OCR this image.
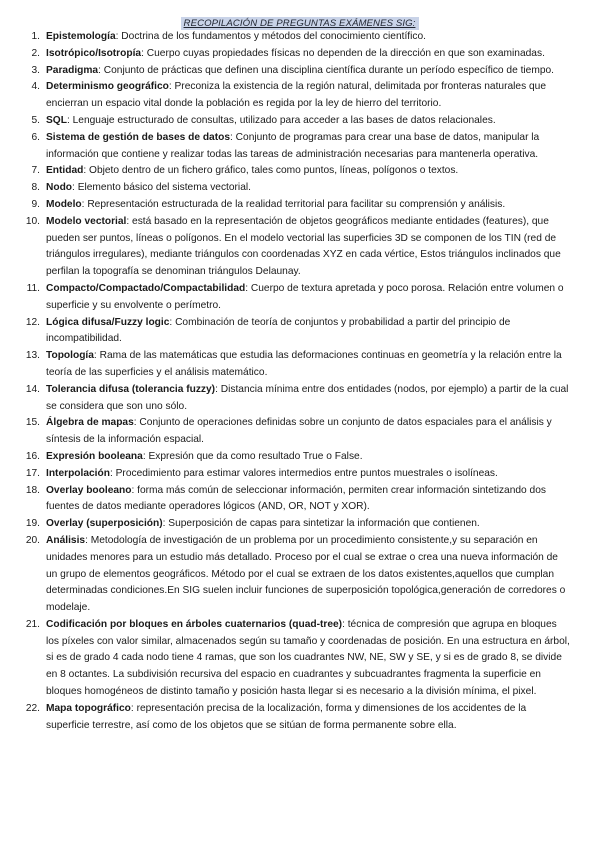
RECOPILACIÓN DE PREGUNTAS EXÁMENES SIG:
1. Epistemología: Doctrina de los fundamentos y métodos del conocimiento científico.
2. Isotrópico/Isotropía: Cuerpo cuyas propiedades físicas no dependen de la dirección en que son examinadas.
3. Paradigma: Conjunto de prácticas que definen una disciplina científica durante un período específico de tiempo.
4. Determinismo geográfico: Preconiza la existencia de la región natural, delimitada por fronteras naturales que encierran un espacio vital donde la población es regida por la ley de hierro del territorio.
5. SQL: Lenguaje estructurado de consultas, utilizado para acceder a las bases de datos relacionales.
6. Sistema de gestión de bases de datos: Conjunto de programas para crear una base de datos, manipular la información que contiene y realizar todas las tareas de administración necesarias para mantenerla operativa.
7. Entidad: Objeto dentro de un fichero gráfico, tales como puntos, líneas, polígonos o textos.
8. Nodo: Elemento básico del sistema vectorial.
9. Modelo: Representación estructurada de la realidad territorial para facilitar su comprensión y análisis.
10. Modelo vectorial: está basado en la representación de objetos geográficos mediante entidades (features), que pueden ser puntos, líneas o polígonos. En el modelo vectorial las superficies 3D se componen de los TIN (red de triángulos irregulares), mediante triángulos con coordenadas XYZ en cada vértice, Estos triángulos inclinados que perfilan la topografía se denominan triángulos Delaunay.
11. Compacto/Compactado/Compactabilidad: Cuerpo de textura apretada y poco porosa. Relación entre volumen o superficie y su envolvente o perímetro.
12. Lógica difusa/Fuzzy logic: Combinación de teoría de conjuntos y probabilidad a partir del principio de incompatibilidad.
13. Topología: Rama de las matemáticas que estudia las deformaciones continuas en geometría y la relación entre la teoría de las superficies y el análisis matemático.
14. Tolerancia difusa (tolerancia fuzzy): Distancia mínima entre dos entidades (nodos, por ejemplo) a partir de la cual se considera que son uno sólo.
15. Álgebra de mapas: Conjunto de operaciones definidas sobre un conjunto de datos espaciales para el análisis y síntesis de la información espacial.
16. Expresión booleana: Expresión que da como resultado True o False.
17. Interpolación: Procedimiento para estimar valores intermedios entre puntos muestrales o isolíneas.
18. Overlay booleano: forma más común de seleccionar información, permiten crear información sintetizando dos fuentes de datos mediante operadores lógicos (AND, OR, NOT y XOR).
19. Overlay (superposición): Superposición de capas para sintetizar la información que contienen.
20. Análisis: Metodología de investigación de un problema por un procedimiento consistente,y su separación en unidades menores para un estudio más detallado. Proceso por el cual se extrae o crea una nueva información de un grupo de elementos geográficos. Método por el cual se extraen de los datos existentes,aquellos que cumplan determinadas condiciones.En SIG suelen incluir funciones de superposición topológica,generación de corredores o modelaje.
21. Codificación por bloques en árboles cuaternarios (quad-tree): técnica de compresión que agrupa en bloques los píxeles con valor similar, almacenados según su tamaño y coordenadas de posición. En una estructura en árbol, si es de grado 4 cada nodo tiene 4 ramas, que son los cuadrantes NW, NE, SW y SE, y si es de grado 8, se divide en 8 octantes. La subdivisión recursiva del espacio en cuadrantes y subcuadrantes fragmenta la superficie en bloques homogéneos de distinto tamaño y posición hasta llegar si es necesario a la división mínima, el pixel.
22. Mapa topográfico: representación precisa de la localización, forma y dimensiones de los accidentes de la superficie terrestre, así como de los objetos que se sitúan de forma permanente sobre ella.
